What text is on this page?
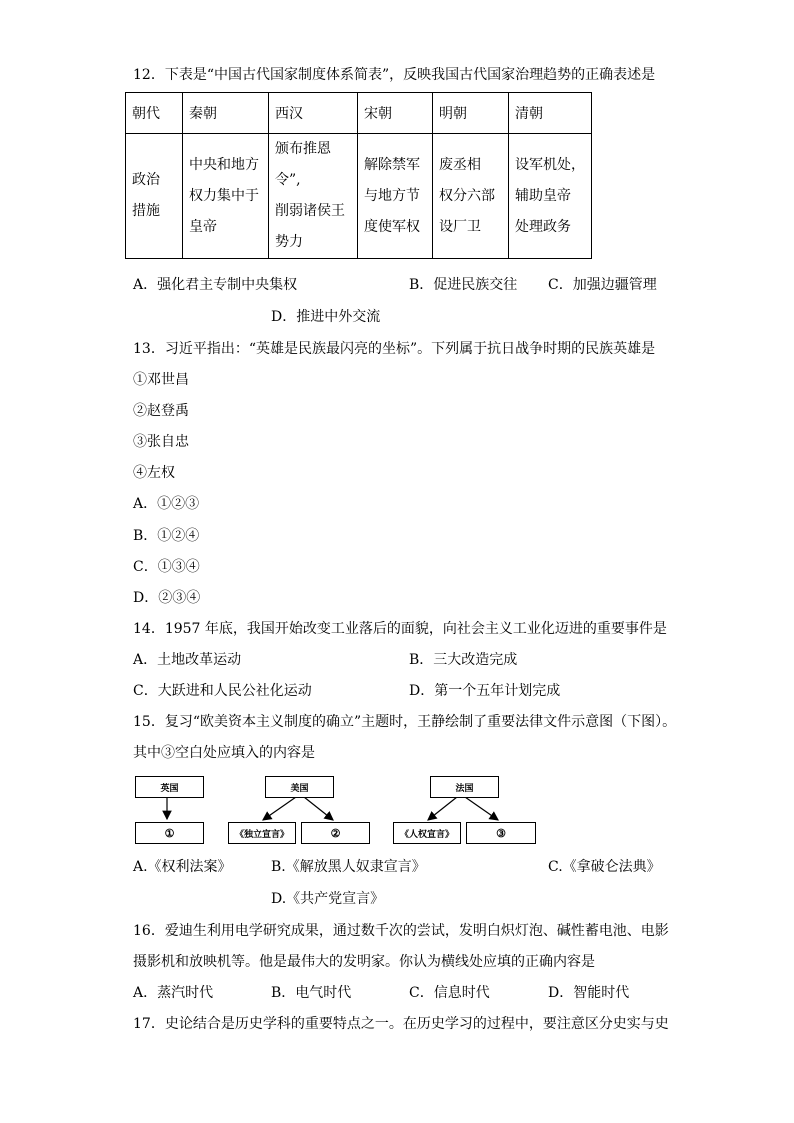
12．下表是“中国古代国家制度体系简表”，反映我国古代国家治理趋势的正确表述是
朝代	秦朝	西汉	宋朝	明朝	清朝

政治
措施	中央和地方
权力集中于
皇帝	颁布推恩令”,
削弱诸侯王
势力	解除禁军
与地方节
度使军权	废丞相
权分六部
设厂卫	设军机处，
辅助皇帝
处理政务
A．强化君主专制中央集权	B．促进民族交往 C．加强边疆管理
D．推进中外交流
13．习近平指出：“英雄是民族最闪亮的坐标”。下列属于抗日战争时期的民族英雄是
①邓世昌
②赵登禹
③张自忠
④左权
A．①②③
B．①②④
C．①③④
D．②③④
14．1957 年底，我国开始改变工业落后的面貌，向社会主义工业化迈进的重要事件是
A．土地改革运动	B．三大改造完成
C．大跃进和人民公社化运动	D．第一个五年计划完成
15．复习“欧美资本主义制度的确立”主题时，王静绘制了重要法律文件示意图（下图）。
其中③空白处应填入的内容是
英国
①
美国
《独立宣言》	②
法国
《人权宣言》	③
A.《权利法案》	B.《解放黑人奴隶宣言》	C.《拿破仑法典》
D.《共产党宣言》
16．爱迪生利用电学研究成果，通过数千次的尝试，发明白炽灯泡、碱性蓄电池、电影
摄影机和放映机等。他是最伟大的发明家。你认为横线处应填的正确内容是
A．蒸汽时代	B．电气时代	C．信息时代	D．智能时代
17．史论结合是历史学科的重要特点之一。在历史学习的过程中，要注意区分史实与史
